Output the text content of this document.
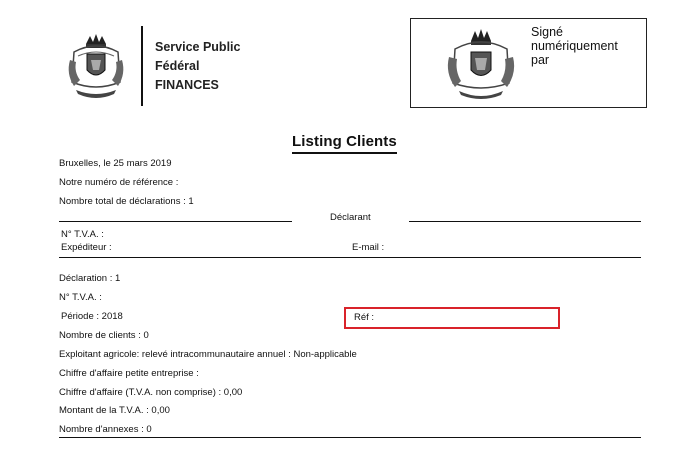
Service Public
Fédéral
FINANCES
Signé
numériquement
par
Listing Clients
Bruxelles, le 25 mars 2019
Notre numéro de référence :
Nombre total de déclarations : 1
Déclarant
N° T.V.A. :
Expéditeur :	E-mail :
Déclaration : 1
N° T.V.A. :
Période : 2018	Réf :
Nombre de clients : 0
Exploitant agricole: relevé intracommunautaire annuel : Non-applicable
Chiffre d'affaire petite entreprise :
Chiffre d'affaire (T.V.A. non comprise) : 0,00
Montant de la T.V.A. : 0,00
Nombre d'annexes : 0
